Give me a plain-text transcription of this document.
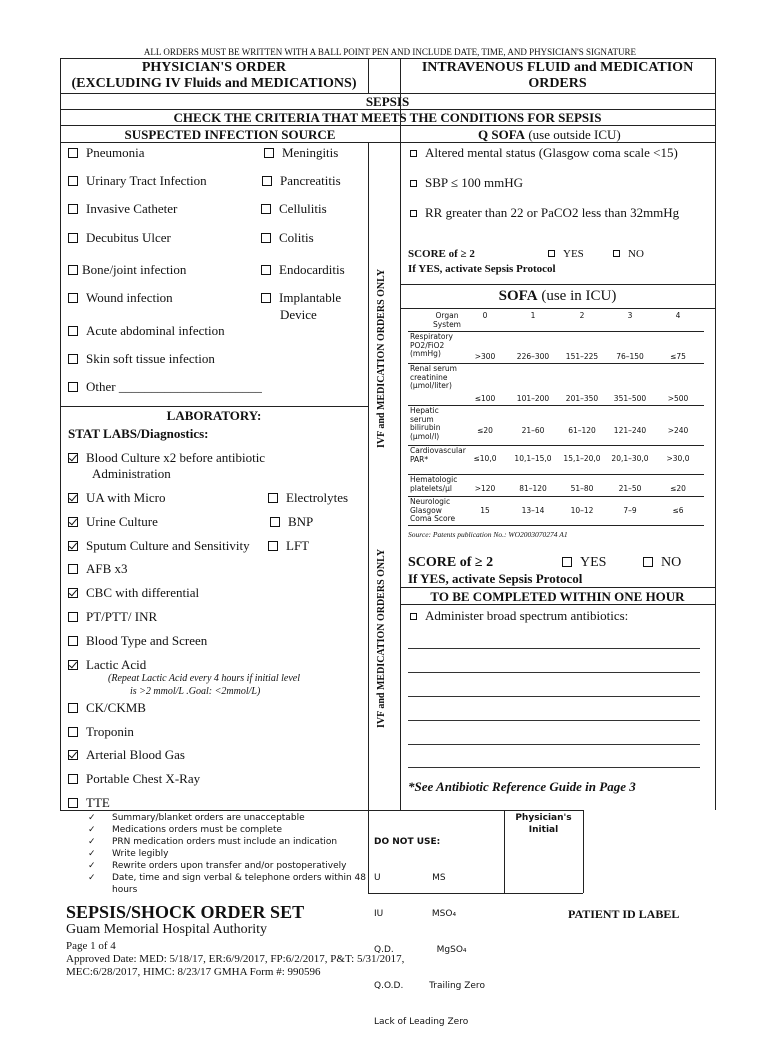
ALL ORDERS MUST BE WRITTEN WITH A BALL POINT PEN AND INCLUDE DATE, TIME, AND PHYSICIAN'S SIGNATURE
PHYSICIAN'S ORDER
(EXCLUDING IV Fluids and MEDICATIONS)
INTRAVENOUS FLUID and MEDICATION
ORDERS
SEPSIS
CHECK THE CRITERIA THAT MEETS THE CONDITIONS FOR SEPSIS
SUSPECTED INFECTION SOURCE	Q SOFA (use outside ICU)
IVF and MEDICATION ORDERS ONLY
IVF and MEDICATION ORDERS ONLY
Pneumonia	Meningitis
Urinary Tract Infection	Pancreatitis
Invasive Catheter	Cellulitis
Decubitus Ulcer	Colitis
Bone/joint infection	Endocarditis
Wound infection	Implantable
Device
Acute abdominal infection
Skin soft tissue infection
Other ______________________
LABORATORY:
STAT LABS/Diagnostics:
Blood Culture x2 before antibiotic
Administration
UA with Micro	Electrolytes
Urine Culture	BNP
Sputum Culture and Sensitivity	LFT
AFB x3
CBC with differential
PT/PTT/ INR
Blood Type and Screen
Lactic Acid
(Repeat Lactic Acid every 4 hours if initial level
is >2 mmol/L .Goal: <2mmol/L)
CK/CKMB
Troponin
Arterial Blood Gas
Portable Chest X-Ray
TTE
Altered mental status (Glasgow coma scale <15)
SBP ≤ 100 mmHG
RR greater than 22 or PaCO2 less than 32mmHg
SCORE of ≥ 2	YES	NO
If YES, activate Sepsis Protocol
SOFA (use in ICU)
Organ System
0	1	2	3	4
Respiratory PO2/FiO2 (mmHg)	>300	226–300	151–225	76–150	≤75
Renal serum creatinine (µmol/liter)
≤100	101–200	201–350	351–500	>500
Hepatic serum bilirubin (µmol/l)
≤20	21–60	61–120	121–240	>240
Cardiovascular PAR*	≤10,0	10,1–15,0	15,1–20,0	20,1–30,0	>30,0
Hematologic platelets/µl	>120	81–120	51–80	21–50	≤20
Neurologic Glasgow Coma Score
15	13–14	10–12	7–9	≤6
Source: Patents publication No.: WO2003070274 A1
SCORE of ≥ 2	YES	NO
If YES, activate Sepsis Protocol
TO BE COMPLETED WITHIN ONE HOUR
Administer broad spectrum antibiotics:
*See Antibiotic Reference Guide in Page 3
✓ Summary/blanket orders are unacceptable
✓ Medications orders must be complete
✓ PRN medication orders must include an indication
✓ Write legibly
✓ Rewrite orders upon transfer and/or postoperatively
✓ Date, time and sign verbal & telephone orders within 48
hours

DO NOT USE:

U                  MS

IU                 MSO₄

Q.D.               MgSO₄

Q.O.D.         Trailing Zero

Lack of Leading Zero

Physician's
Initial
SEPSIS/SHOCK ORDER SET	PATIENT ID LABEL
Guam Memorial Hospital Authority
Page 1 of 4
Approved Date: MED: 5/18/17, ER:6/9/2017, FP:6/2/2017, P&T: 5/31/2017,
MEC:6/28/2017, HIMC: 8/23/17 GMHA Form #: 990596
